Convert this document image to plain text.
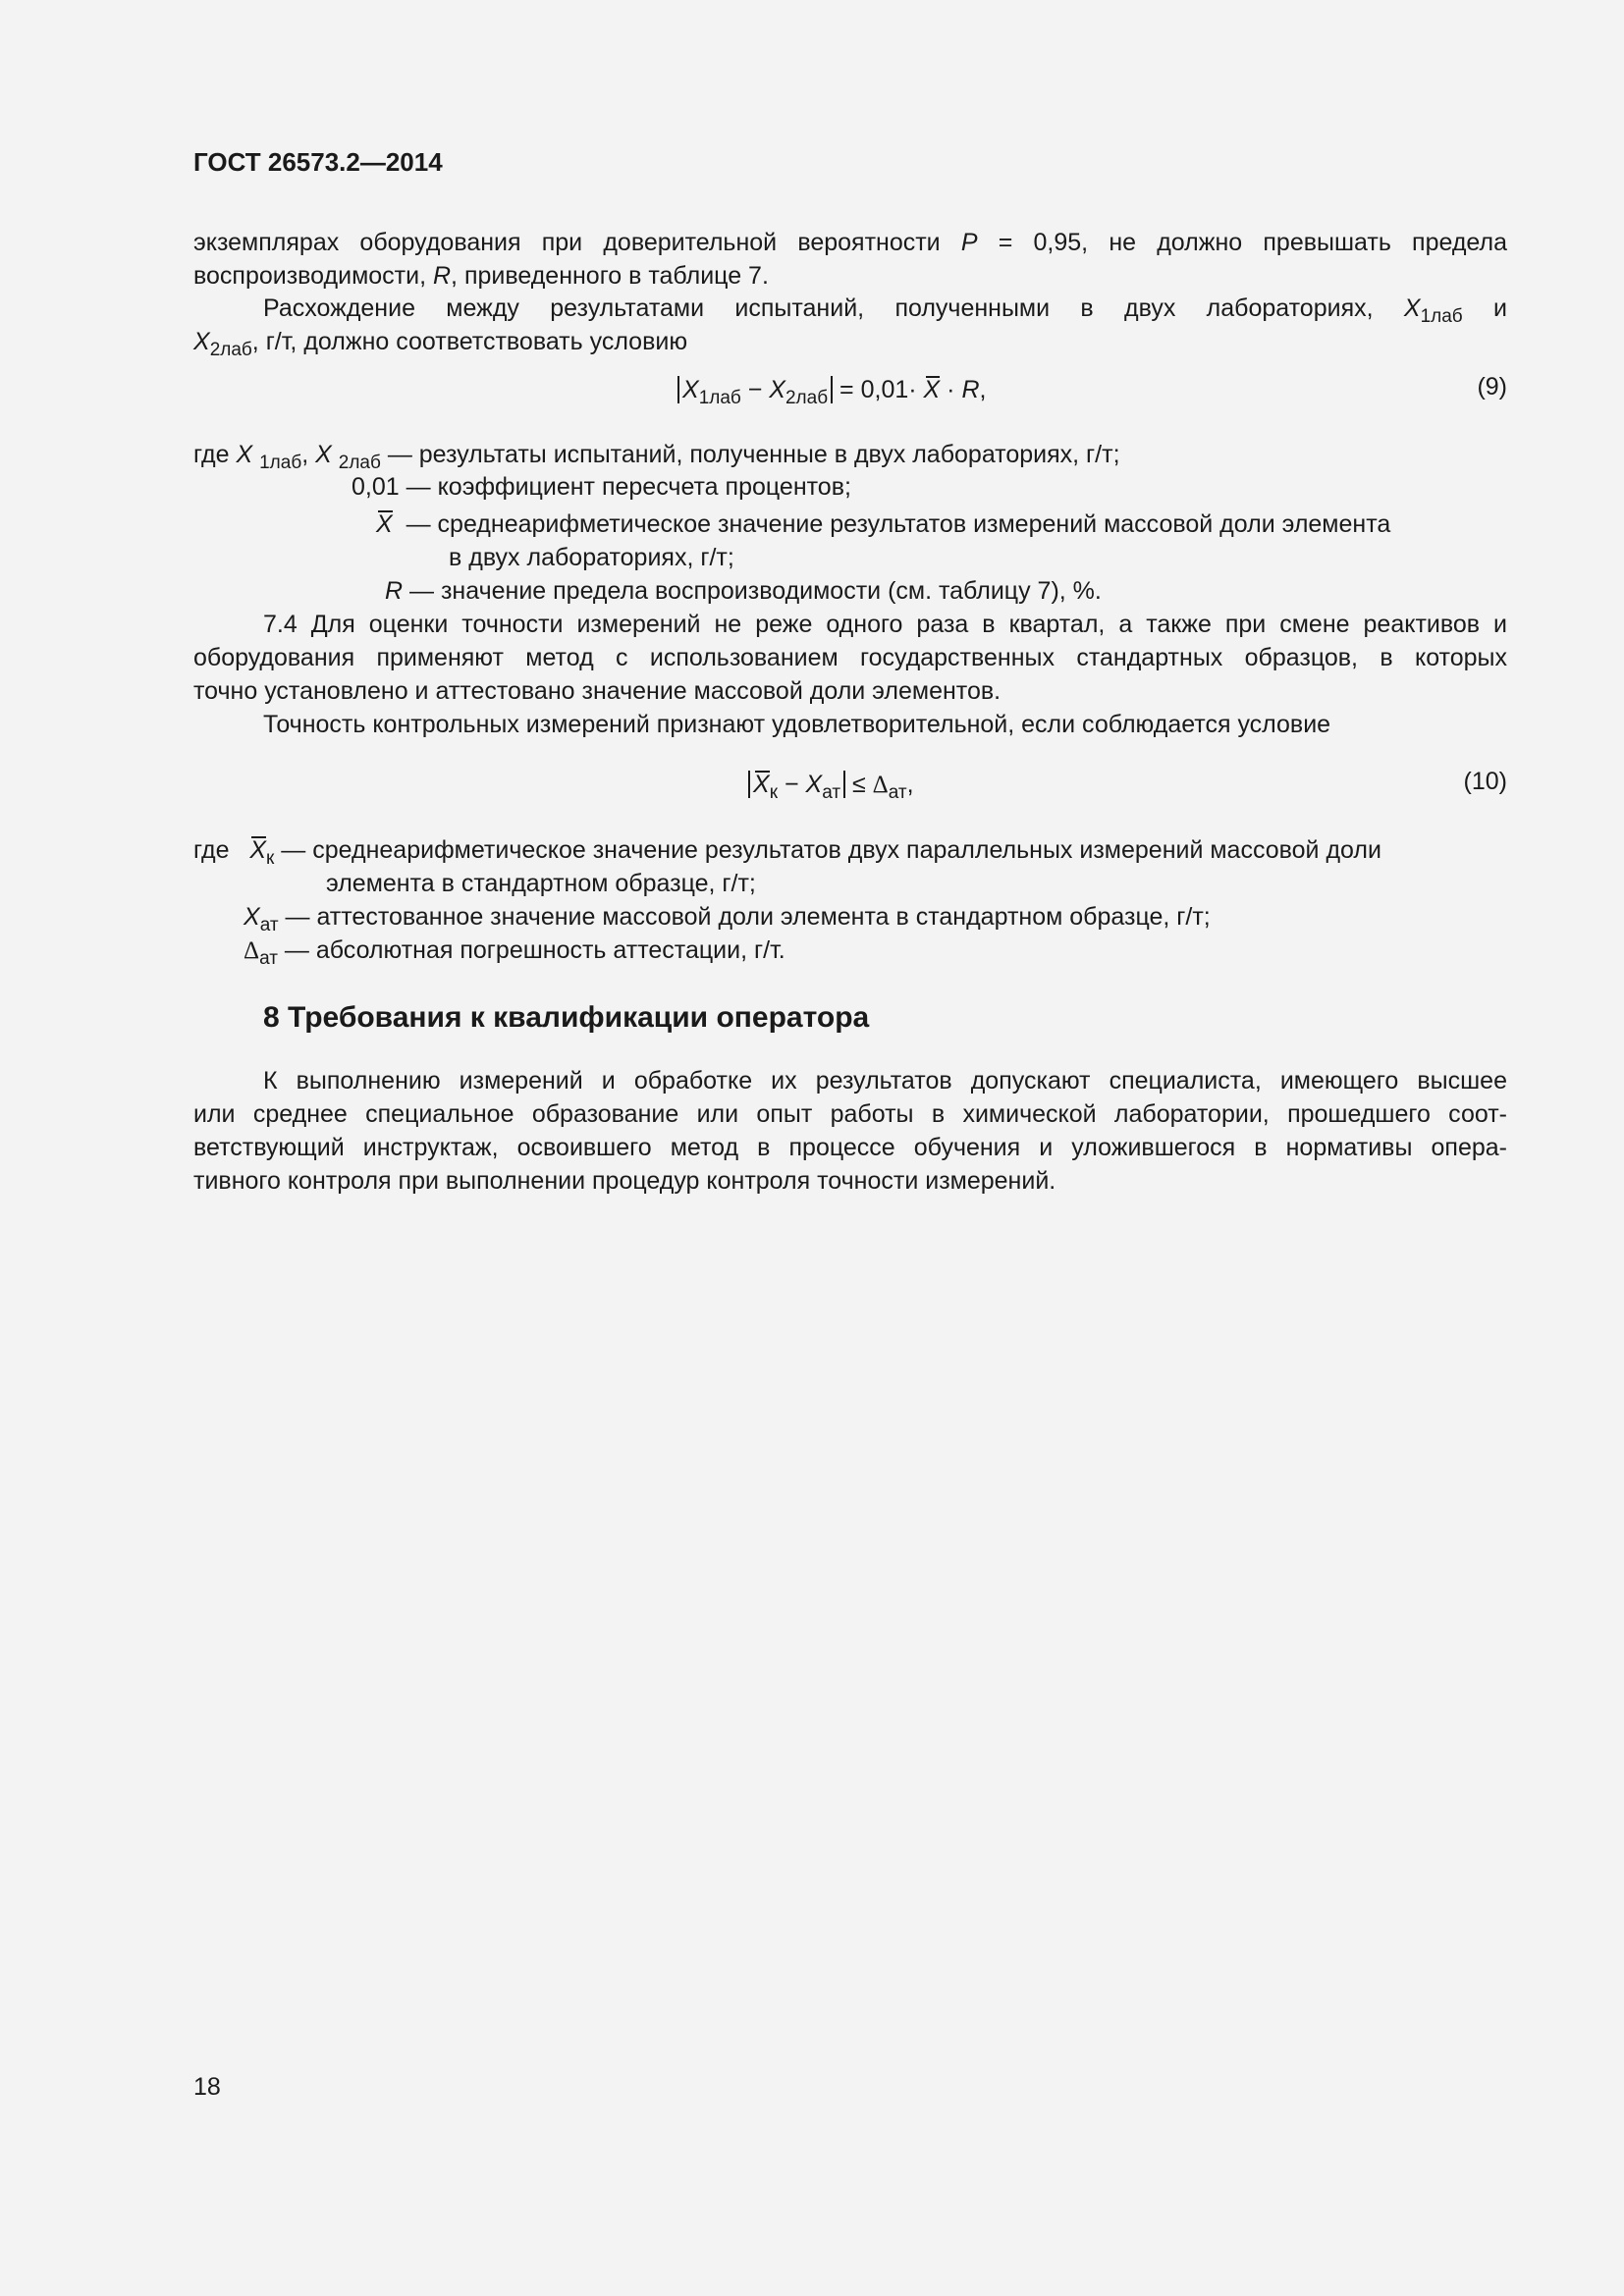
ГОСТ 26573.2—2014
экземплярах оборудования при доверительной вероятности P = 0,95, не должно превышать предела
воспроизводимости, R, приведенного в таблице 7.
Расхождение между результатами испытаний, полученными в двух лабораториях, $X_{1лаб}$ и
$X_{2лаб}$, г/т, должно соответствовать условию
$X_{1лаб} - X_{2лаб} = 0,01\cdot X \cdot R$,	(9)
где X $_{1лаб}$, X $_{2лаб}$ — результаты испытаний, полученные в двух лабораториях, г/т;
0,01 — коэффициент пересчета процентов;
X — среднеарифметическое значение результатов измерений массовой доли элемента
в двух лабораториях, г/т;
R — значение предела воспроизводимости (см. таблицу 7), %.
7.4 Для оценки точности измерений не реже одного раза в квартал, а также при смене реактивов и
оборудования применяют метод с использованием государственных стандартных образцов, в которых
точно установлено и аттестовано значение массовой доли элементов.
Точность контрольных измерений признают удовлетворительной, если соблюдается условие
$X_к - X_{ат} \le \Delta_{ат}$,	(10)
где $X_к$ — среднеарифметическое значение результатов двух параллельных измерений массовой доли
элемента в стандартном образце, г/т;
$X_{ат}$ — аттестованное значение массовой доли элемента в стандартном образце, г/т;
$\Delta_{ат}$ — абсолютная погрешность аттестации, г/т.
8 Требования к квалификации оператора
К выполнению измерений и обработке их результатов допускают специалиста, имеющего высшее
или среднее специальное образование или опыт работы в химической лаборатории, прошедшего соот-
ветствующий инструктаж, освоившего метод в процессе обучения и уложившегося в нормативы опера-
тивного контроля при выполнении процедур контроля точности измерений.
18
